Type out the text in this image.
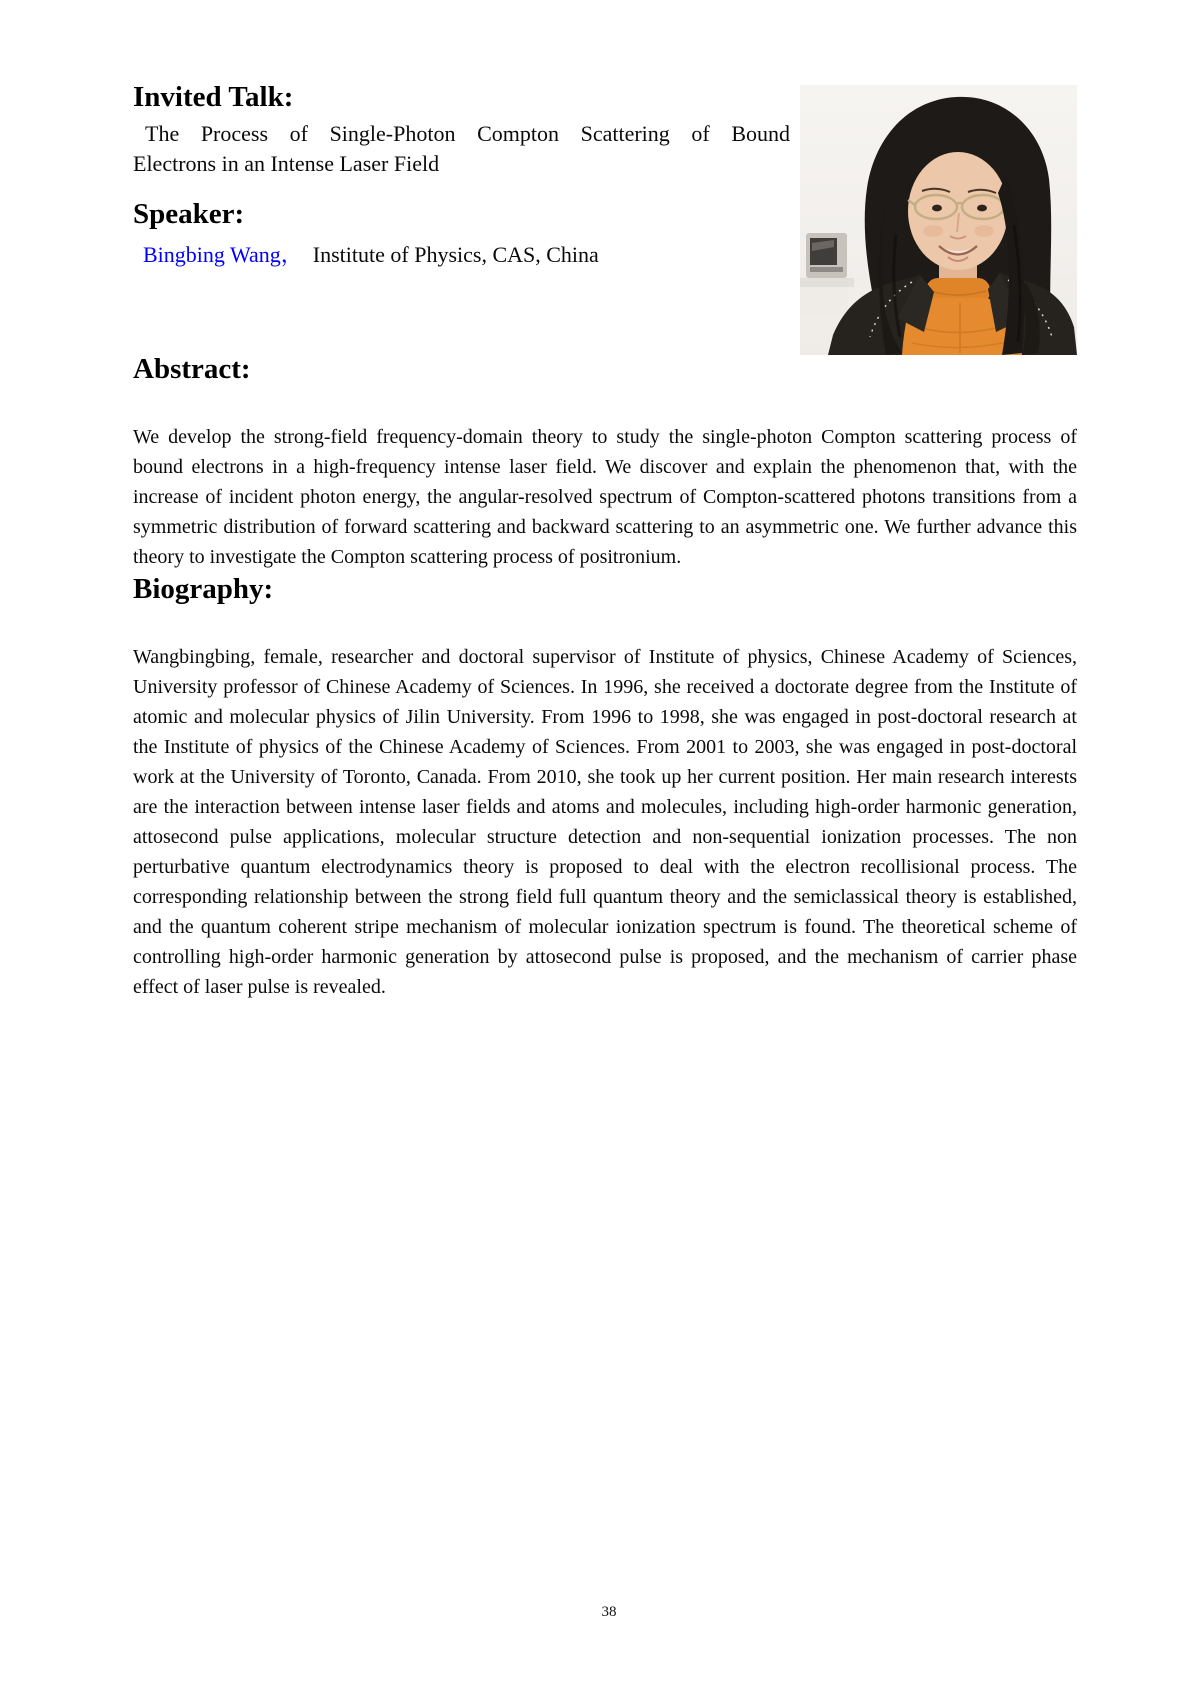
Invited Talk:
The Process of Single-Photon Compton Scattering of Bound
Electrons in an Intense Laser Field
Speaker:
Bingbing Wang， Institute of Physics, CAS, China
Abstract:

We develop the strong-field frequency-domain theory to study the single-photon Compton scattering process of bound electrons in a high-frequency intense laser field. We discover and explain the phenomenon that, with the increase of incident photon energy, the angular-resolved spectrum of Compton-scattered photons transitions from a symmetric distribution of forward scattering and backward scattering to an asymmetric one. We further advance this theory to investigate the Compton scattering process of positronium.

Biography:

Wangbingbing, female, researcher and doctoral supervisor of Institute of physics, Chinese Academy of Sciences, University professor of Chinese Academy of Sciences. In 1996, she received a doctorate degree from the Institute of atomic and molecular physics of Jilin University. From 1996 to 1998, she was engaged in post-doctoral research at the Institute of physics of the Chinese Academy of Sciences. From 2001 to 2003, she was engaged in post-doctoral work at the University of Toronto, Canada. From 2010, she took up her current position. Her main research interests are the interaction between intense laser fields and atoms and molecules, including high-order harmonic generation, attosecond pulse applications, molecular structure detection and non-sequential ionization processes. The non perturbative quantum electrodynamics theory is proposed to deal with the electron recollisional process. The corresponding relationship between the strong field full quantum theory and the semiclassical theory is established, and the quantum coherent stripe mechanism of molecular ionization spectrum is found. The theoretical scheme of controlling high-order harmonic generation by attosecond pulse is proposed, and the mechanism of carrier phase effect of laser pulse is revealed.

38
